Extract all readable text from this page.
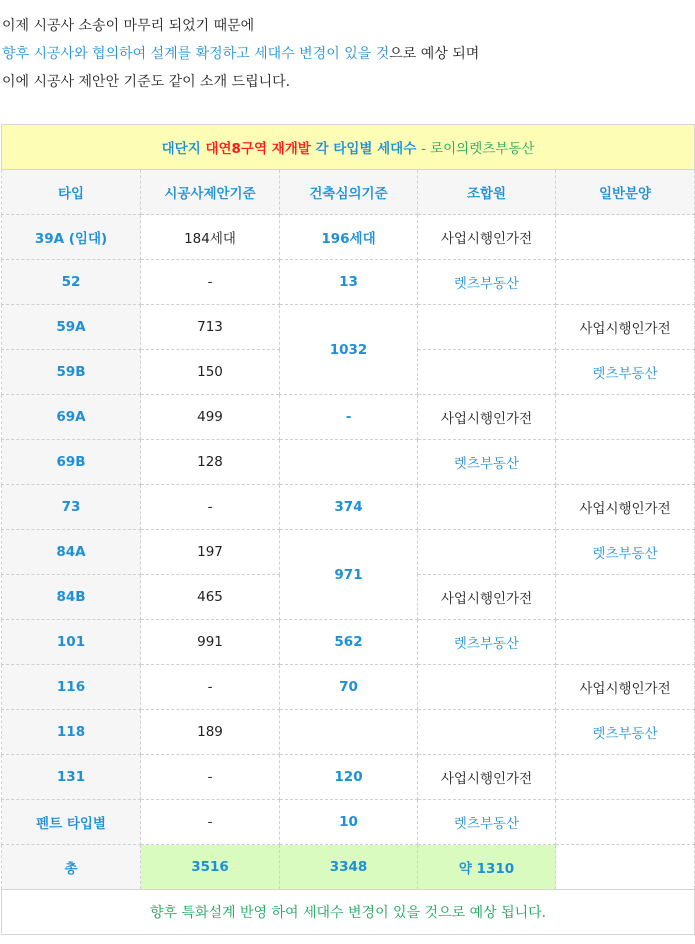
이제 시공사 소송이 마무리 되었기 때문에

향후 시공사와 협의하여 설계를 확정하고 세대수 변경이 있을 것으로 예상 되며

이에 시공사 제안안 기준도 같이 소개 드립니다.

대단지 대연8구역 재개발 각 타입별 세대수 - 로이의렛츠부동산				
타입	시공사제안기준	건축심의기준	조합원	일반분양
39A (임대)	184세대	196세대	사업시행인가전	
52	-	13	렛츠부동산	
59A	713	1032		사업시행인가전
59B	150			렛츠부동산
69A	499	-	사업시행인가전	
69B	128		렛츠부동산	
73	-	374		사업시행인가전
84A	197	971		렛츠부동산
84B	465		사업시행인가전	
101	991	562	렛츠부동산	
116	-	70		사업시행인가전
118	189			렛츠부동산
131	-	120	사업시행인가전	
펜트 타입별	-	10	렛츠부동산	
총	3516	3348	약 1310	
향후 특화설계 반영 하여 세대수 변경이 있을 것으로 예상 됩니다.				
